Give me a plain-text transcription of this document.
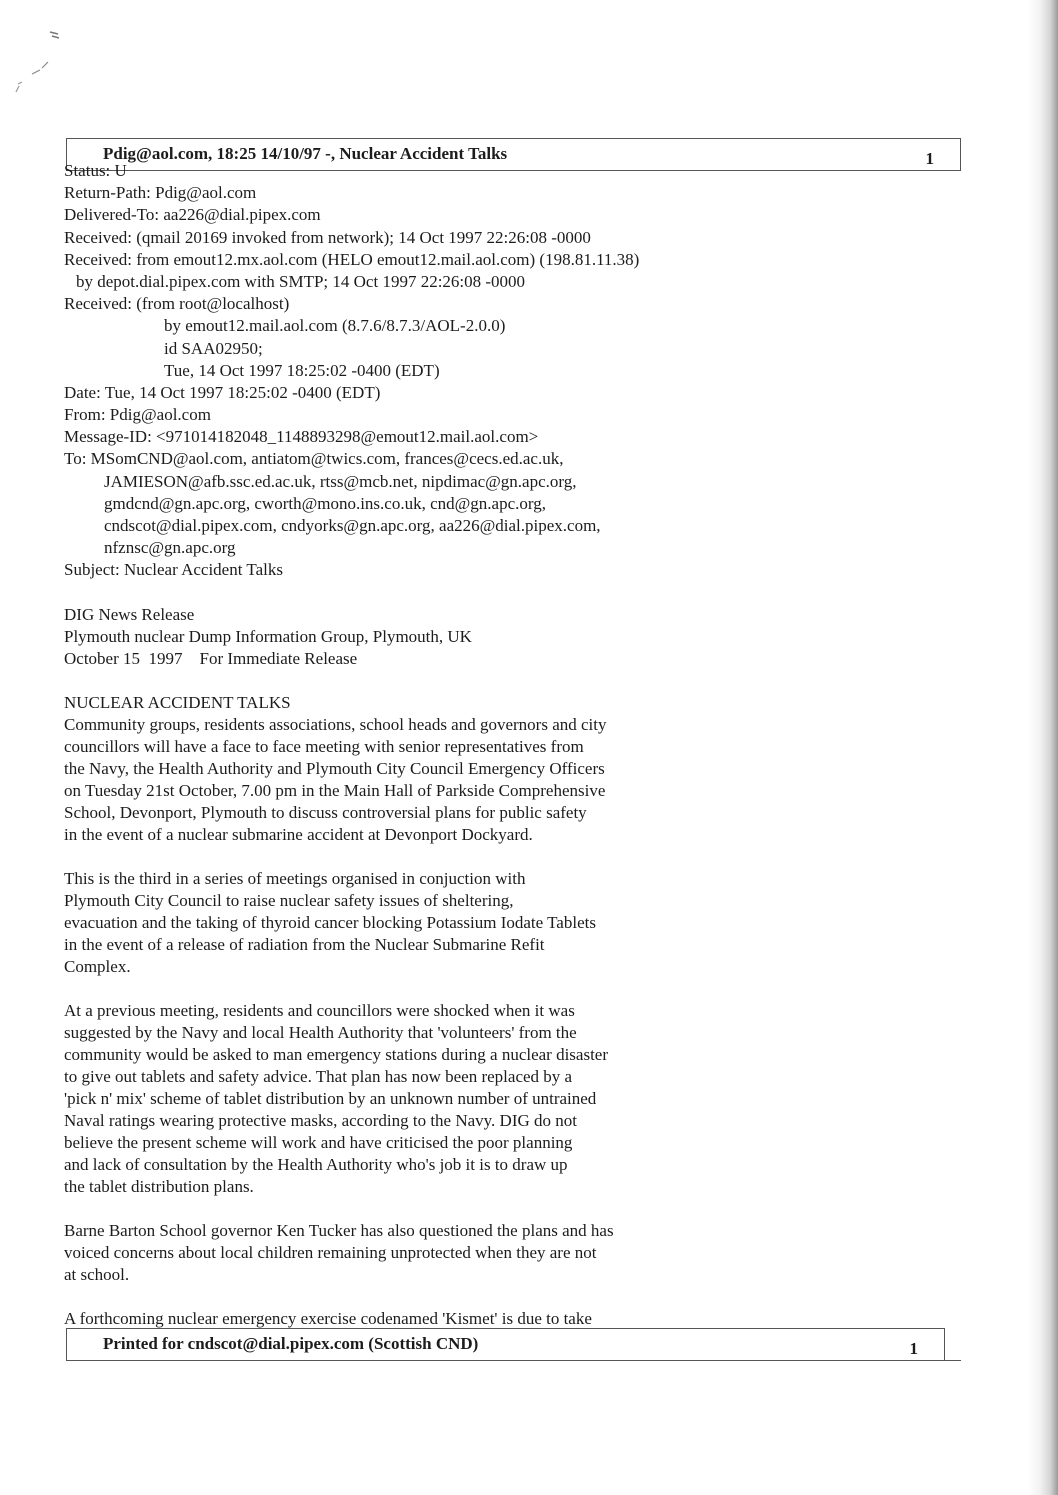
Pdig@aol.com, 18:25 14/10/97 -, Nuclear Accident Talks	1
Status: U
Return-Path: Pdig@aol.com
Delivered-To: aa226@dial.pipex.com
Received: (qmail 20169 invoked from network); 14 Oct 1997 22:26:08 -0000
Received: from emout12.mx.aol.com (HELO emout12.mail.aol.com) (198.81.11.38)
by depot.dial.pipex.com with SMTP; 14 Oct 1997 22:26:08 -0000
Received: (from root@localhost)
by emout12.mail.aol.com (8.7.6/8.7.3/AOL-2.0.0)
id SAA02950;
Tue, 14 Oct 1997 18:25:02 -0400 (EDT)
Date: Tue, 14 Oct 1997 18:25:02 -0400 (EDT)
From: Pdig@aol.com
Message-ID: <971014182048_1148893298@emout12.mail.aol.com>
To: MSomCND@aol.com, antiatom@twics.com, frances@cecs.ed.ac.uk,
JAMIESON@afb.ssc.ed.ac.uk, rtss@mcb.net, nipdimac@gn.apc.org,
gmdcnd@gn.apc.org, cworth@mono.ins.co.uk, cnd@gn.apc.org,
cndscot@dial.pipex.com, cndyorks@gn.apc.org, aa226@dial.pipex.com,
nfznsc@gn.apc.org
Subject: Nuclear Accident Talks
DIG News Release
Plymouth nuclear Dump Information Group, Plymouth, UK
October 15  1997    For Immediate Release
NUCLEAR ACCIDENT TALKS
Community groups, residents associations, school heads and governors and city
councillors will have a face to face meeting with senior representatives from
the Navy, the Health Authority and Plymouth City Council Emergency Officers
on Tuesday 21st October, 7.00 pm in the Main Hall of Parkside Comprehensive
School, Devonport, Plymouth to discuss controversial plans for public safety
in the event of a nuclear submarine accident at Devonport Dockyard.
This is the third in a series of meetings organised in conjuction with
Plymouth City Council to raise nuclear safety issues of sheltering,
evacuation and the taking of thyroid cancer blocking Potassium Iodate Tablets
in the event of a release of radiation from the Nuclear Submarine Refit
Complex.
At a previous meeting, residents and councillors were shocked when it was
suggested by the Navy and local Health Authority that 'volunteers' from the
community would be asked to man emergency stations during a nuclear disaster
to give out tablets and safety advice. That plan has now been replaced by a
'pick n' mix' scheme of tablet distribution by an unknown number of untrained
Naval ratings wearing protective masks, according to the Navy. DIG do not
believe the present scheme will work and have criticised the poor planning
and lack of consultation by the Health Authority who's job it is to draw up
the tablet distribution plans.
Barne Barton School governor Ken Tucker has also questioned the plans and has
voiced concerns about local children remaining unprotected when they are not
at school.
A forthcoming nuclear emergency exercise codenamed 'Kismet' is due to take
Printed for cndscot@dial.pipex.com (Scottish CND)	1
